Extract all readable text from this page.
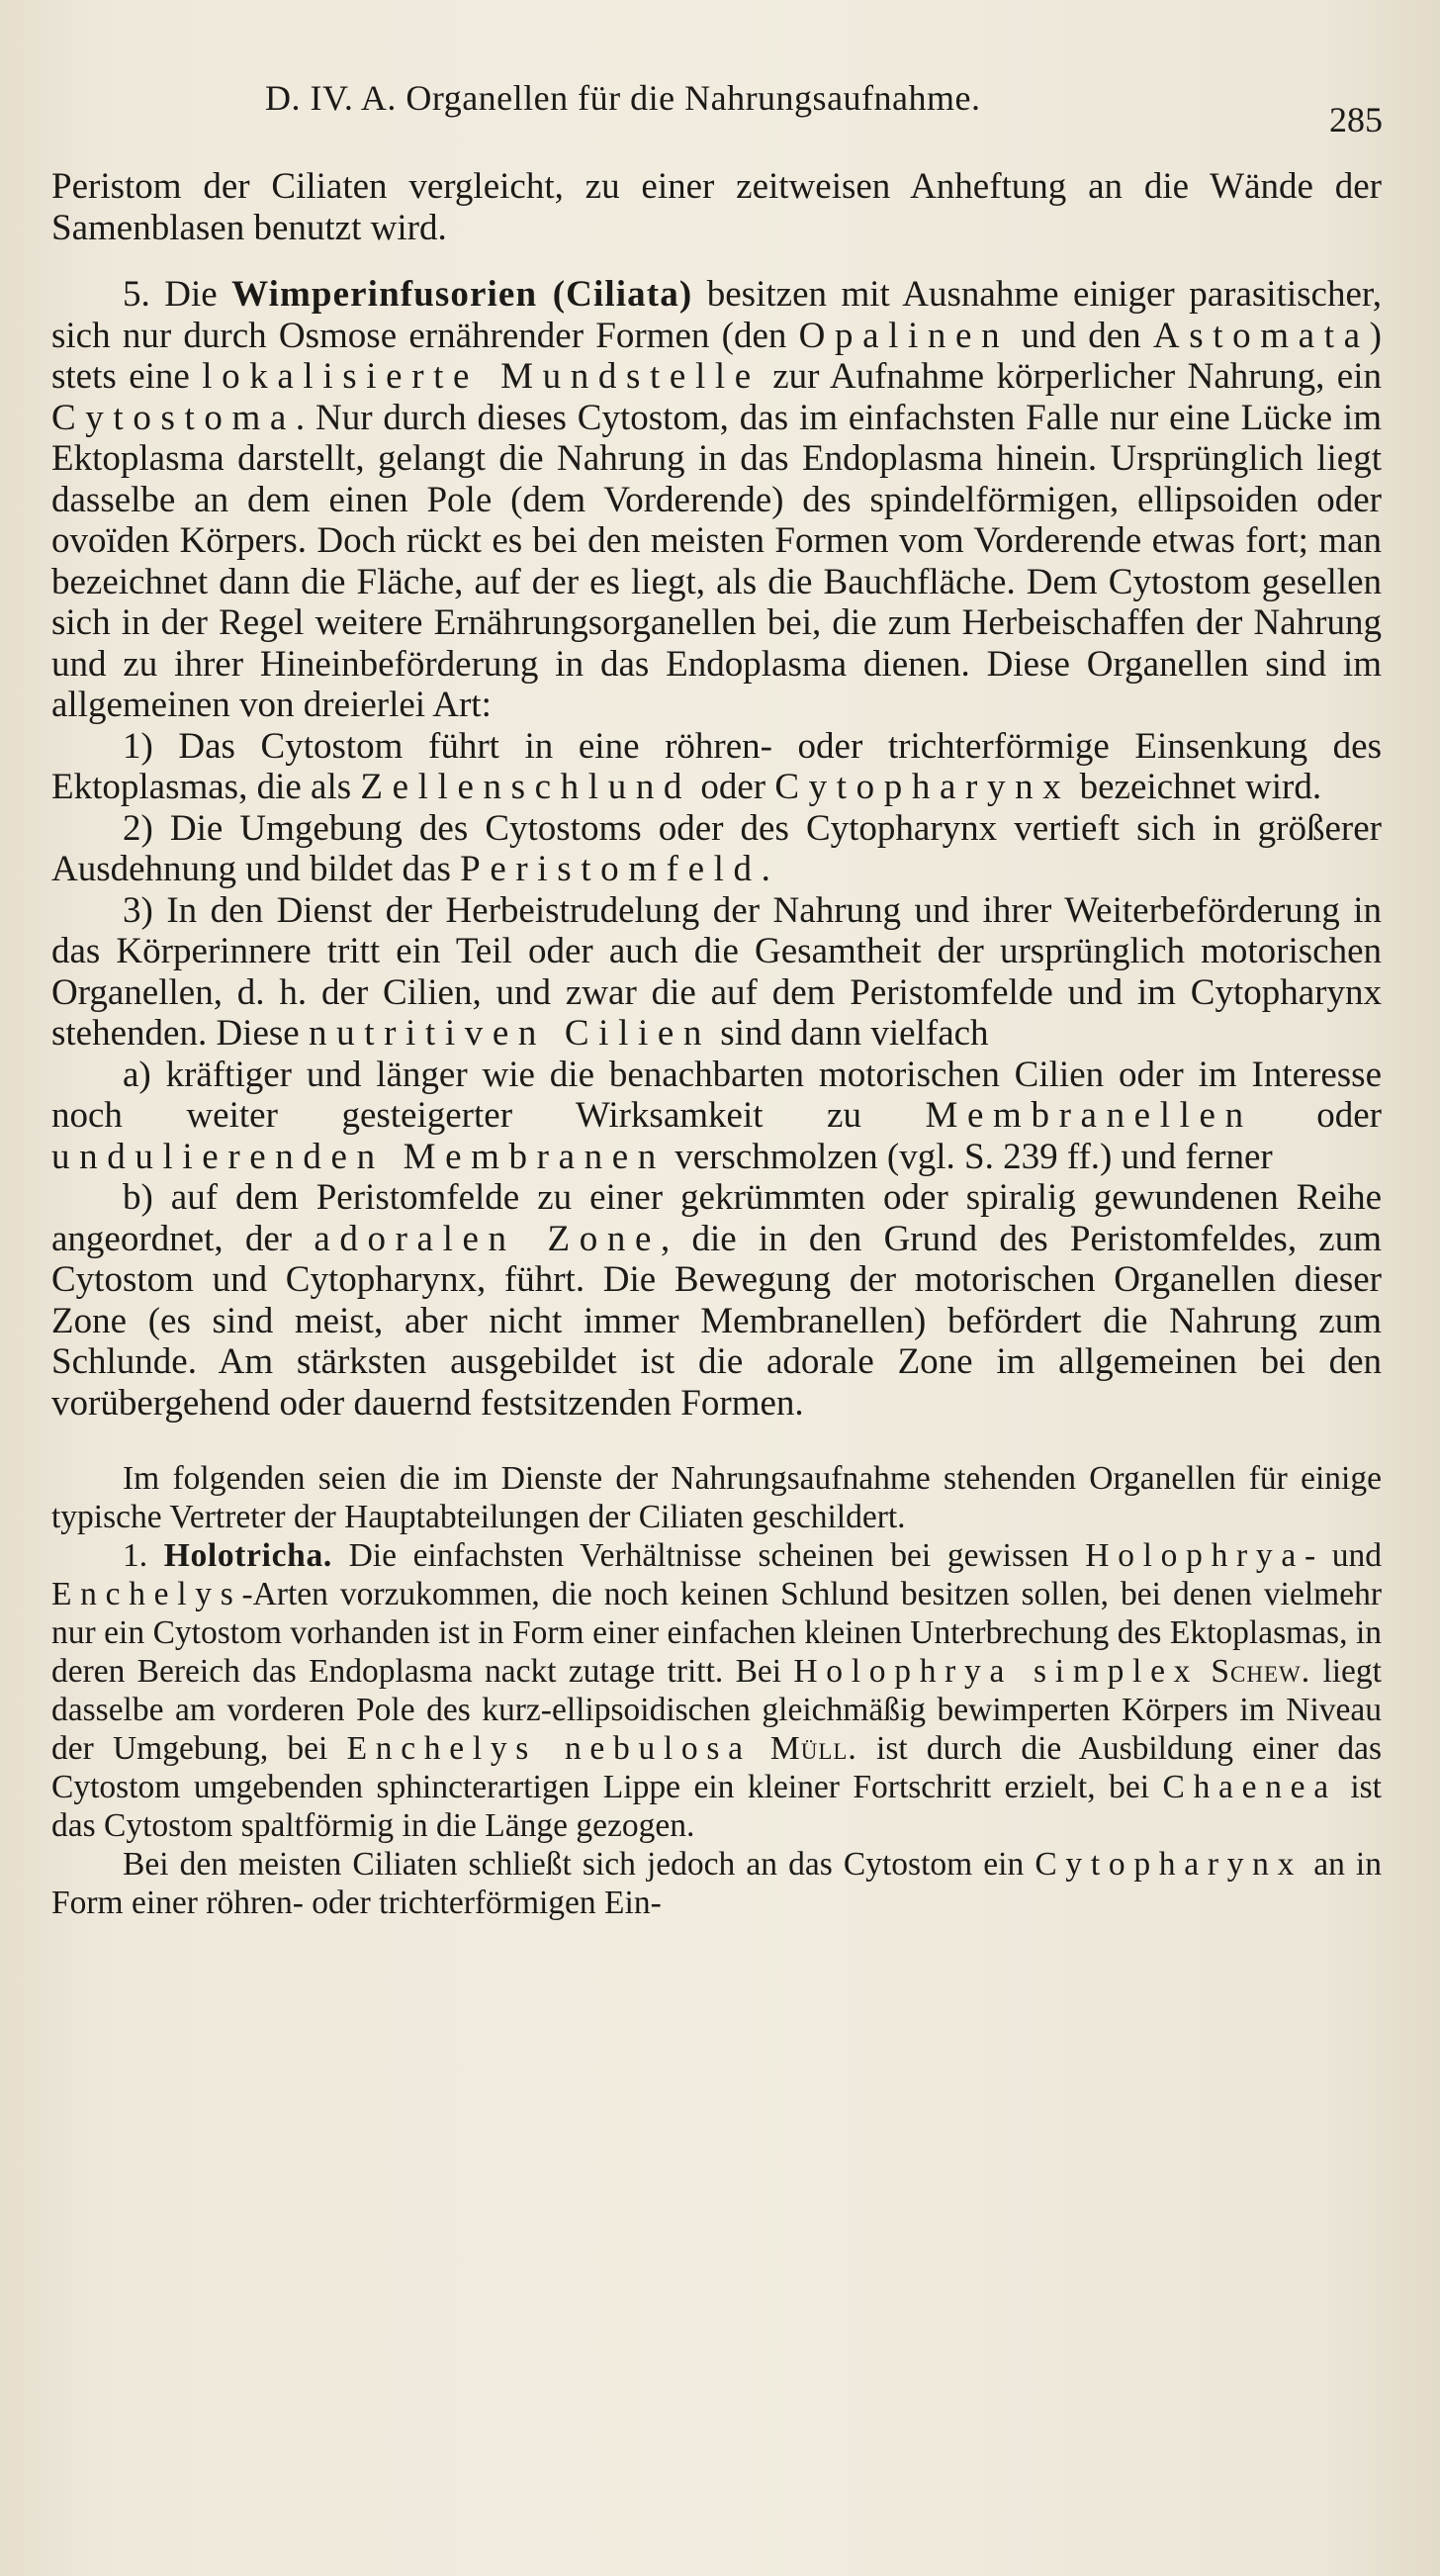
D. IV. A. Organellen für die Nahrungsaufnahme.
285

Peristom der Ciliaten vergleicht, zu einer zeitweisen Anheftung an die Wände der Samenblasen benutzt wird.

5. Die Wimperinfusorien (Ciliata) besitzen mit Ausnahme einiger parasitischer, sich nur durch Osmose ernährender Formen (den Opalinen und den Astomata) stets eine lokalisierte Mundstelle zur Aufnahme körperlicher Nahrung, ein Cytostoma. Nur durch dieses Cytostom, das im einfachsten Falle nur eine Lücke im Ektoplasma darstellt, gelangt die Nahrung in das Endoplasma hinein. Ursprünglich liegt dasselbe an dem einen Pole (dem Vorderende) des spindelförmigen, ellipsoiden oder ovoïden Körpers. Doch rückt es bei den meisten Formen vom Vorderende etwas fort; man bezeichnet dann die Fläche, auf der es liegt, als die Bauchfläche. Dem Cytostom gesellen sich in der Regel weitere Ernährungsorganellen bei, die zum Herbeischaffen der Nahrung und zu ihrer Hineinbeförderung in das Endoplasma dienen. Diese Organellen sind im allgemeinen von dreierlei Art:

1) Das Cytostom führt in eine röhren- oder trichterförmige Einsenkung des Ektoplasmas, die als Zellenschlund oder Cytopharynx bezeichnet wird.

2) Die Umgebung des Cytostoms oder des Cytopharynx vertieft sich in größerer Ausdehnung und bildet das Peristomfeld.

3) In den Dienst der Herbeistrudelung der Nahrung und ihrer Weiterbeförderung in das Körperinnere tritt ein Teil oder auch die Gesamtheit der ursprünglich motorischen Organellen, d. h. der Cilien, und zwar die auf dem Peristomfelde und im Cytopharynx stehenden. Diese nutritiven Cilien sind dann vielfach

a) kräftiger und länger wie die benachbarten motorischen Cilien oder im Interesse noch weiter gesteigerter Wirksamkeit zu Membranellen oder undulierenden Membranen verschmolzen (vgl. S. 239 ff.) und ferner

b) auf dem Peristomfelde zu einer gekrümmten oder spiralig gewundenen Reihe angeordnet, der adoralen Zone, die in den Grund des Peristomfeldes, zum Cytostom und Cytopharynx, führt. Die Bewegung der motorischen Organellen dieser Zone (es sind meist, aber nicht immer Membranellen) befördert die Nahrung zum Schlunde. Am stärksten ausgebildet ist die adorale Zone im allgemeinen bei den vorübergehend oder dauernd festsitzenden Formen.

Im folgenden seien die im Dienste der Nahrungsaufnahme stehenden Organellen für einige typische Vertreter der Hauptabteilungen der Ciliaten geschildert.

1. Holotricha. Die einfachsten Verhältnisse scheinen bei gewissen Holophrya- und Enchelys-Arten vorzukommen, die noch keinen Schlund besitzen sollen, bei denen vielmehr nur ein Cytostom vorhanden ist in Form einer einfachen kleinen Unterbrechung des Ektoplasmas, in deren Bereich das Endoplasma nackt zutage tritt. Bei Holophrya simplex Schew. liegt dasselbe am vorderen Pole des kurz-ellipsoidischen gleichmäßig bewimperten Körpers im Niveau der Umgebung, bei Enchelys nebulosa Müll. ist durch die Ausbildung einer das Cytostom umgebenden sphincterartigen Lippe ein kleiner Fortschritt erzielt, bei Chaenea ist das Cytostom spaltförmig in die Länge gezogen.

Bei den meisten Ciliaten schließt sich jedoch an das Cytostom ein Cytopharynx an in Form einer röhren- oder trichterförmigen Ein-
